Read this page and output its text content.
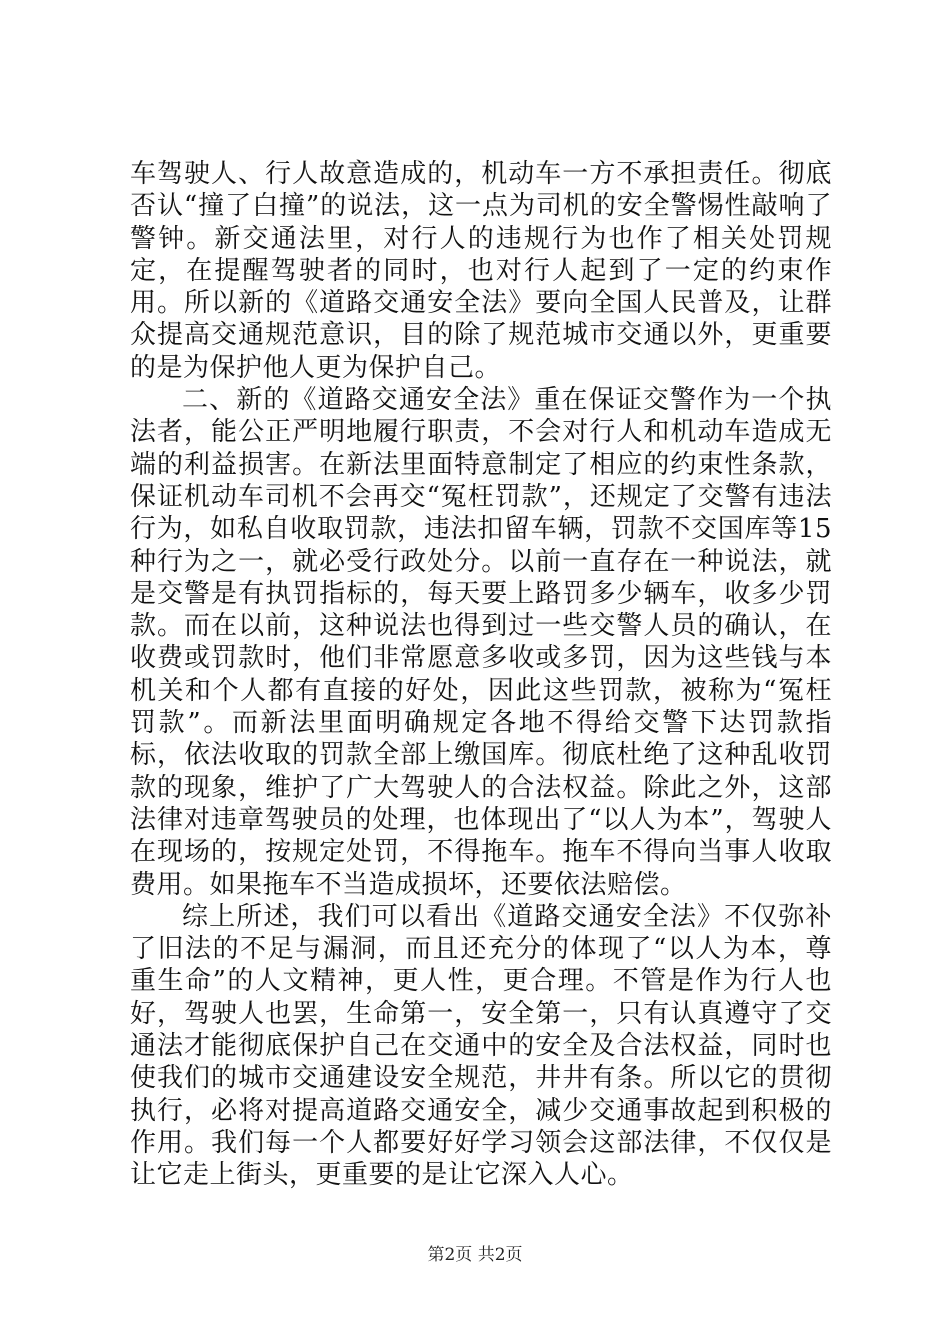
车驾驶人、行人故意造成的，机动车一方不承担责任。彻底否认“撞了白撞”的说法，这一点为司机的安全警惕性敲响了警钟。新交通法里，对行人的违规行为也作了相关处罚规定，在提醒驾驶者的同时，也对行人起到了一定的约束作用。所以新的《道路交通安全法》要向全国人民普及，让群众提高交通规范意识，目的除了规范城市交通以外，更重要的是为保护他人更为保护自己。

二、新的《道路交通安全法》重在保证交警作为一个执法者，能公正严明地履行职责，不会对行人和机动车造成无端的利益损害。在新法里面特意制定了相应的约束性条款，保证机动车司机不会再交“冤枉罚款”，还规定了交警有违法行为，如私自收取罚款，违法扣留车辆，罚款不交国库等15种行为之一，就必受行政处分。以前一直存在一种说法，就是交警是有执罚指标的，每天要上路罚多少辆车，收多少罚款。而在以前，这种说法也得到过一些交警人员的确认，在收费或罚款时，他们非常愿意多收或多罚，因为这些钱与本机关和个人都有直接的好处，因此这些罚款，被称为“冤枉罚款”。而新法里面明确规定各地不得给交警下达罚款指标，依法收取的罚款全部上缴国库。彻底杜绝了这种乱收罚款的现象，维护了广大驾驶人的合法权益。除此之外，这部法律对违章驾驶员的处理，也体现出了“以人为本”，驾驶人在现场的，按规定处罚，不得拖车。拖车不得向当事人收取费用。如果拖车不当造成损坏，还要依法赔偿。

综上所述，我们可以看出《道路交通安全法》不仅弥补了旧法的不足与漏洞，而且还充分的体现了“以人为本，尊重生命”的人文精神，更人性，更合理。不管是作为行人也好，驾驶人也罢，生命第一，安全第一，只有认真遵守了交通法才能彻底保护自己在交通中的安全及合法权益，同时也使我们的城市交通建设安全规范，井井有条。所以它的贯彻执行，必将对提高道路交通安全，减少交通事故起到积极的作用。我们每一个人都要好好学习领会这部法律，不仅仅是让它走上街头，更重要的是让它深入人心。

第2页 共2页
